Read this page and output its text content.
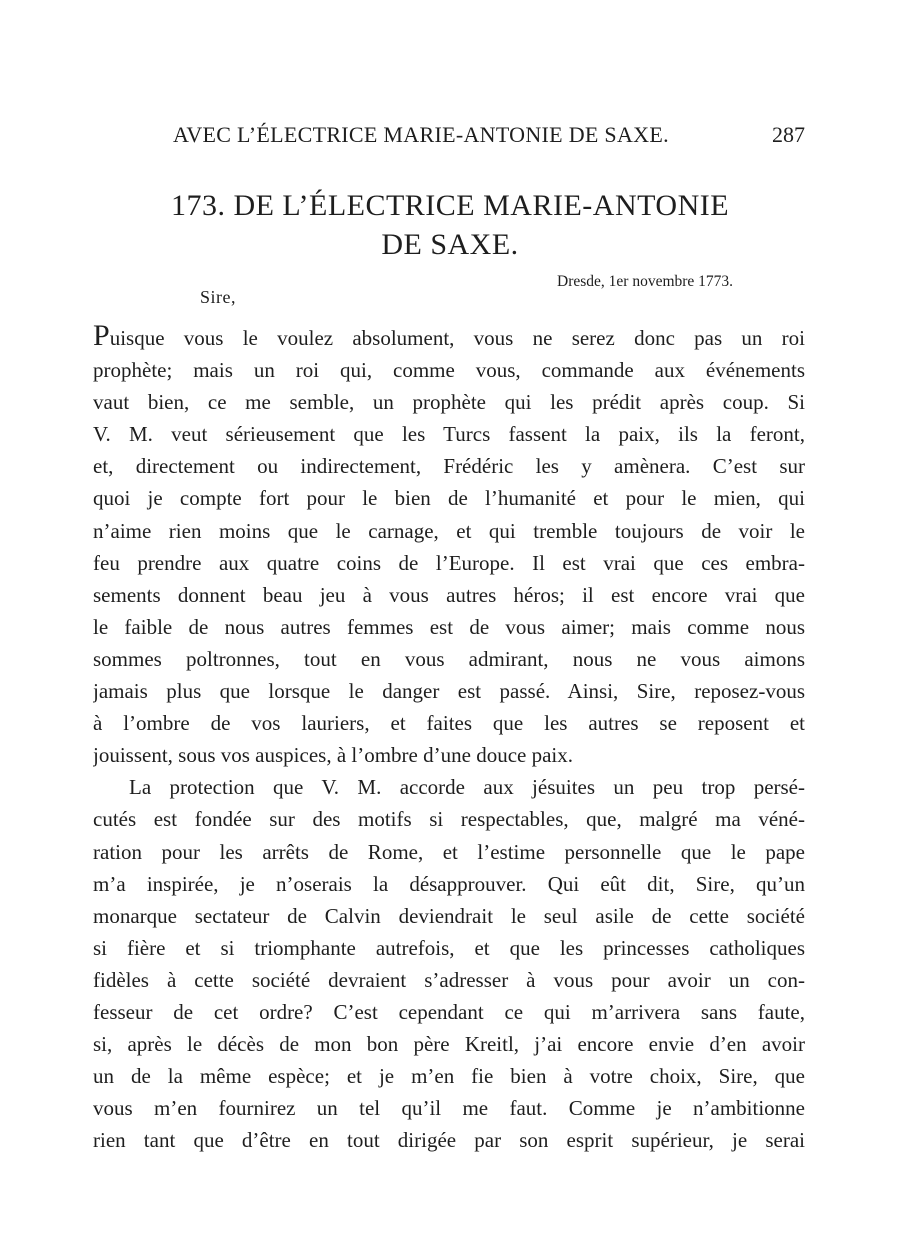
AVEC L’ÉLECTRICE MARIE-ANTONIE DE SAXE.	287
173. DE L’ÉLECTRICE MARIE-ANTONIE
DE SAXE.
Dresde, 1er novembre 1773.
Sire,
Puisque vous le voulez absolument, vous ne serez donc pas un roi
prophète; mais un roi qui, comme vous, commande aux événements
vaut bien, ce me semble, un prophète qui les prédit après coup. Si
V. M. veut sérieusement que les Turcs fassent la paix, ils la feront,
et, directement ou indirectement, Frédéric les y amènera. C’est sur
quoi je compte fort pour le bien de l’humanité et pour le mien, qui
n’aime rien moins que le carnage, et qui tremble toujours de voir le
feu prendre aux quatre coins de l’Europe. Il est vrai que ces embra-
sements donnent beau jeu à vous autres héros; il est encore vrai que
le faible de nous autres femmes est de vous aimer; mais comme nous
sommes poltronnes, tout en vous admirant, nous ne vous aimons
jamais plus que lorsque le danger est passé. Ainsi, Sire, reposez-vous
à l’ombre de vos lauriers, et faites que les autres se reposent et
jouissent, sous vos auspices, à l’ombre d’une douce paix.
La protection que V. M. accorde aux jésuites un peu trop persé-
cutés est fondée sur des motifs si respectables, que, malgré ma véné-
ration pour les arrêts de Rome, et l’estime personnelle que le pape
m’a inspirée, je n’oserais la désapprouver. Qui eût dit, Sire, qu’un
monarque sectateur de Calvin deviendrait le seul asile de cette société
si fière et si triomphante autrefois, et que les princesses catholiques
fidèles à cette société devraient s’adresser à vous pour avoir un con-
fesseur de cet ordre? C’est cependant ce qui m’arrivera sans faute,
si, après le décès de mon bon père Kreitl, j’ai encore envie d’en avoir
un de la même espèce; et je m’en fie bien à votre choix, Sire, que
vous m’en fournirez un tel qu’il me faut. Comme je n’ambitionne
rien tant que d’être en tout dirigée par son esprit supérieur, je serai
